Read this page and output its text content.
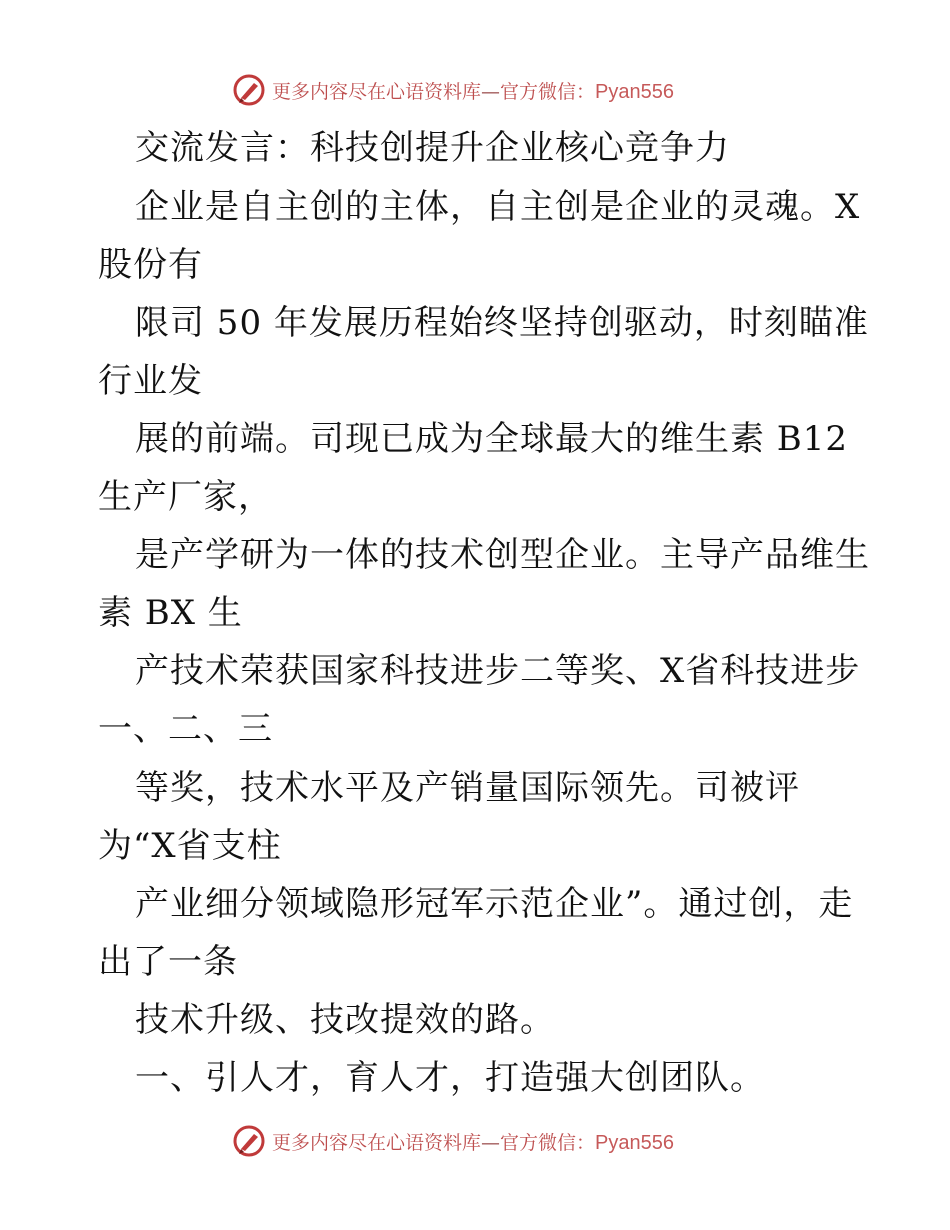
更多内容尽在心语资料库—官方微信：Pyan556
交流发言：科技创提升企业核心竞争力
企业是自主创的主体，自主创是企业的灵魂。X
股份有
限司 50 年发展历程始终坚持创驱动，时刻瞄准
行业发
展的前端。司现已成为全球最大的维生素 B12
生产厂家，
是产学研为一体的技术创型企业。主导产品维生
素 BX 生
产技术荣获国家科技进步二等奖、X省科技进步
一、二、三
等奖，技术水平及产销量国际领先。司被评
为“X省支柱
产业细分领域隐形冠军示范企业”。通过创，走
出了一条
技术升级、技改提效的路。
一、引人才，育人才，打造强大创团队。
更多内容尽在心语资料库—官方微信：Pyan556
